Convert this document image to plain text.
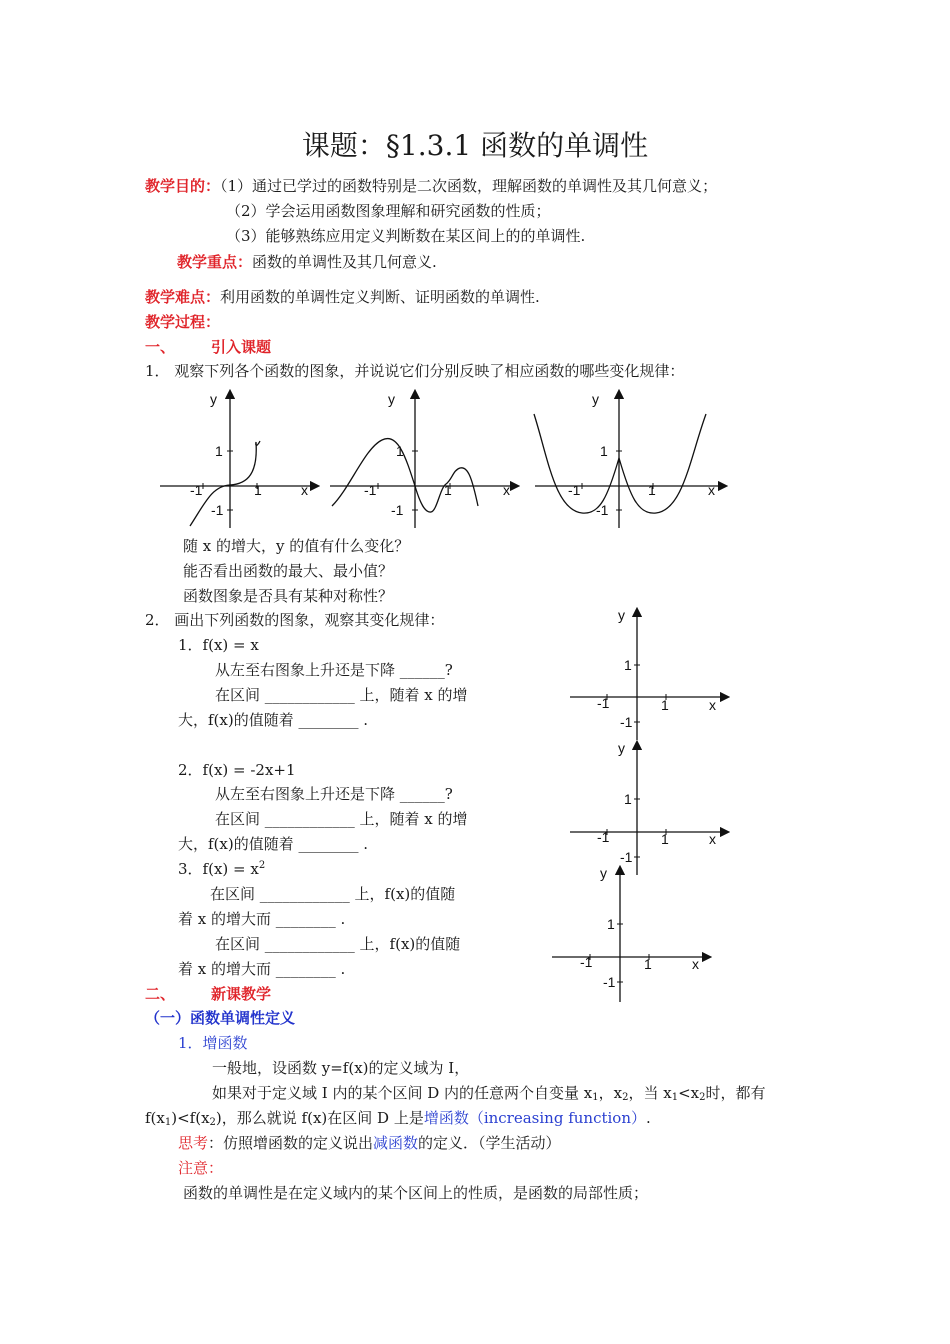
课题：§1.3.1 函数的单调性
教学目的：（1）通过已学过的函数特别是二次函数，理解函数的单调性及其几何意义；
（2）学会运用函数图象理解和研究函数的性质；
（3）能够熟练应用定义判断数在某区间上的的单调性.
教学重点：函数的单调性及其几何意义.
教学难点：利用函数的单调性定义判断、证明函数的单调性.
教学过程：
一、 引入课题
1． 观察下列各个函数的图象，并说说它们分别反映了相应函数的哪些变化规律：
y
1
-1
-1	1	x
y
1
-1
-1	1	x
y
1
-1
-1	1	x
随 x 的增大，y 的值有什么变化？
能否看出函数的最大、最小值？
函数图象是否具有某种对称性？
2． 画出下列函数的图象，观察其变化规律：
1．f(x) = x
从左至右图象上升还是下降 ______?
在区间 ____________ 上，随着 x 的增
大，f(x)的值随着 ________ .
2．f(x) = -2x+1
从左至右图象上升还是下降 ______?
在区间 ____________ 上，随着 x 的增
大，f(x)的值随着 ________ .
3．$f(x) = x^2$
在区间 ____________ 上，f(x)的值随
着 x 的增大而 ________ .
在区间 ____________ 上，f(x)的值随
着 x 的增大而 ________ .
y
1
-1
-1	1	x
y
1
-1
-1	1	x
y
1
-1
-1	1	x
二、 新课教学
（一）函数单调性定义
1．增函数
一般地，设函数 y=f(x)的定义域为 I，
如果对于定义域 I 内的某个区间 D 内的任意两个自变量 $x_1$，$x_2$，当 $x_1<x_2$时，都有
$f(x_1)<f(x_2)$，那么就说 f(x)在区间 D 上是增函数（increasing function）.
思考：仿照增函数的定义说出减函数的定义．（学生活动）
注意：
函数的单调性是在定义域内的某个区间上的性质，是函数的局部性质；
